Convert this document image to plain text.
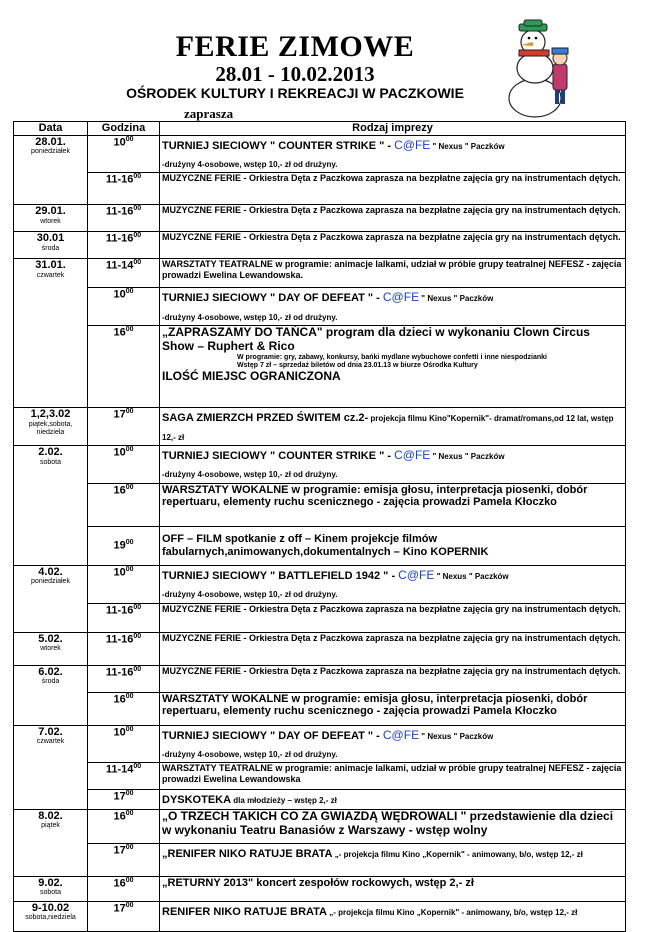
FERIE ZIMOWE
28.01 - 10.02.2013
OŚRODEK KULTURY I REKREACJI W PACZKOWIE
zaprasza
Data	Godzina	Rodzaj imprezy

28.01.
poniedziałek	$10^{00}$	TURNIEJ SIECIOWY " COUNTER STRIKE " - C@FE " Nexus " Paczków
-drużyny 4-osobowe, wstęp 10,- zł od drużyny.
	$11-16^{00}$	MUZYCZNE FERIE - Orkiestra Dęta z Paczkowa zaprasza na bezpłatne zajęcia gry na instrumentach dętych.

29.01.
wtorek	$11-16^{00}$	MUZYCZNE FERIE - Orkiestra Dęta z Paczkowa zaprasza na bezpłatne zajęcia gry na instrumentach dętych.

30.01
środa	$11-16^{00}$	MUZYCZNE FERIE - Orkiestra Dęta z Paczkowa zaprasza na bezpłatne zajęcia gry na instrumentach dętych.

31.01.
czwartek	$11-14^{00}$	WARSZTATY TEATRALNE w programie: animacje lalkami, udział w próbie grupy teatralnej NEFESZ - zajęcia prowadzi Ewelina Lewandowska.
	$10^{00}$	TURNIEJ SIECIOWY " DAY OF DEFEAT " - C@FE " Nexus " Paczków
-drużyny 4-osobowe, wstęp 10,- zł od drużyny.
	$16^{00}$	„ZAPRASZAMY DO TAŃCA" program dla dzieci w wykonaniu Clown Circus Show – Ruphert & Rico
W programie: gry, zabawy, konkursy, bańki mydlane wybuchowe confetti i inne niespodzianki
Wstęp 7 zł – sprzedaż biletów od dnia 23.01.13 w biurze Ośrodka Kultury
ILOŚĆ MIEJSC OGRANICZONA

1,2,3.02
piątek,sobota, niedziela	$17^{00}$	SAGA ZMIERZCH PRZED ŚWITEM cz.2- projekcja filmu Kino"Kopernik"- dramat/romans,od 12 lat, wstęp 12,- zł

2.02.
sobota	$10^{00}$	TURNIEJ SIECIOWY " COUNTER STRIKE " - C@FE " Nexus " Paczków
-drużyny 4-osobowe, wstęp 10,- zł od drużyny.
	$16^{00}$	WARSZTATY WOKALNE w programie: emisja głosu, interpretacja piosenki, dobór repertuaru, elementy ruchu scenicznego - zajęcia prowadzi Pamela Kłoczko
	$19^{00}$	OFF – FILM spotkanie z off – Kinem projekcje filmów fabularnych,animowanych,dokumentalnych – Kino KOPERNIK

4.02.
poniedziałek	$10^{00}$	TURNIEJ SIECIOWY " BATTLEFIELD 1942 " - C@FE " Nexus " Paczków
-drużyny 4-osobowe, wstęp 10,- zł od drużyny.
	$11-16^{00}$	MUZYCZNE FERIE - Orkiestra Dęta z Paczkowa zaprasza na bezpłatne zajęcia gry na instrumentach dętych.

5.02.
wtorek	$11-16^{00}$	MUZYCZNE FERIE - Orkiestra Dęta z Paczkowa zaprasza na bezpłatne zajęcia gry na instrumentach dętych.

6.02.
środa	$11-16^{00}$	MUZYCZNE FERIE - Orkiestra Dęta z Paczkowa zaprasza na bezpłatne zajęcia gry na instrumentach dętych.
	$16^{00}$	WARSZTATY WOKALNE w programie: emisja głosu, interpretacja piosenki, dobór repertuaru, elementy ruchu scenicznego - zajęcia prowadzi Pamela Kłoczko

7.02.
czwartek	$10^{00}$	TURNIEJ SIECIOWY " DAY OF DEFEAT " - C@FE " Nexus " Paczków
-drużyny 4-osobowe, wstęp 10,- zł od drużyny.
	$11-14^{00}$	WARSZTATY TEATRALNE w programie: animacje lalkami, udział w próbie grupy teatralnej NEFESZ - zajęcia prowadzi Ewelina Lewandowska
	$17^{00}$	DYSKOTEKA dla młodzieży – wstęp 2,- zł

8.02.
piątek	$16^{00}$	„O TRZECH TAKICH CO ZA GWIAZDĄ WĘDROWALI " przedstawienie dla dzieci w wykonaniu Teatru Banasiów z Warszawy - wstęp wolny
	$17^{00}$	„RENIFER NIKO RATUJE BRATA „- projekcja filmu Kino „Kopernik" - animowany, b/o, wstęp 12,- zł

9.02.
sobota	$16^{00}$	„RETURNY 2013" koncert zespołów rockowych, wstęp 2,- zł

9-10.02
sobota,niedziela	$17^{00}$	RENIFER NIKO RATUJE BRATA „- projekcja filmu Kino „Kopernik" - animowany, b/o, wstęp 12,- zł
